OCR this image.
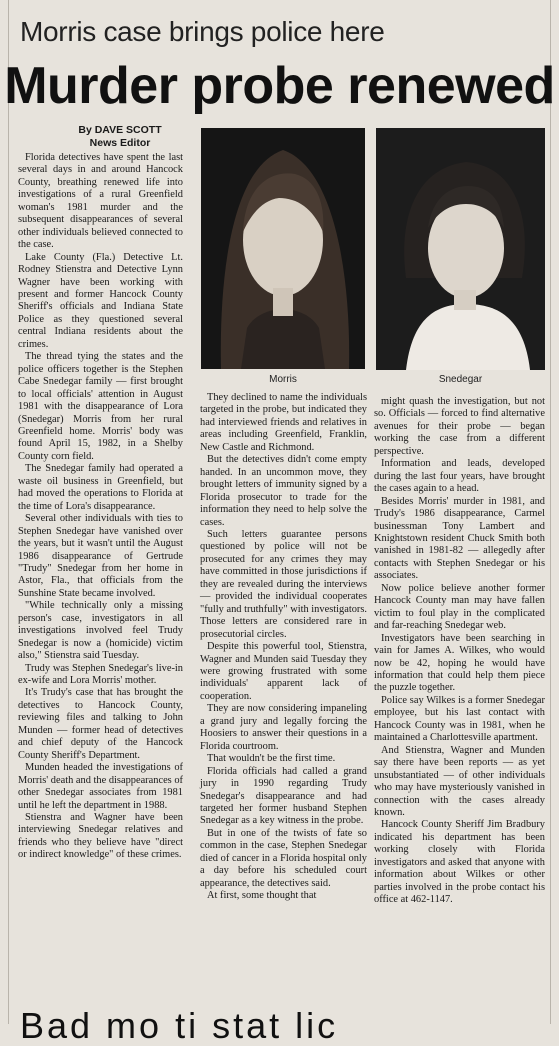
Morris case brings police here
Murder probe renewed
By DAVE SCOTT
News Editor

Florida detectives have spent the last several days in and around Hancock County, breathing renewed life into investigations of a rural Greenfield woman's 1981 murder and the subsequent disappearances of several other individuals believed connected to the case.

Lake County (Fla.) Detective Lt. Rodney Stienstra and Detective Lynn Wagner have been working with present and former Hancock County Sheriff's officials and Indiana State Police as they questioned several central Indiana residents about the crimes.

The thread tying the states and the police officers together is the Stephen Cabe Snedegar family — first brought to local officials' attention in August 1981 with the disappearance of Lora (Snedegar) Morris from her rural Greenfield home. Morris' body was found April 15, 1982, in a Shelby County corn field.

The Snedegar family had operated a waste oil business in Greenfield, but had moved the operations to Florida at the time of Lora's disappearance.

Several other individuals with ties to Stephen Snedegar have vanished over the years, but it wasn't until the August 1986 disappearance of Gertrude "Trudy" Snedegar from her home in Astor, Fla., that officials from the Sunshine State became involved.

"While technically only a missing person's case, investigators in all investigations involved feel Trudy Snedegar is now a (homicide) victim also," Stienstra said Tuesday.

Trudy was Stephen Snedegar's live-in ex-wife and Lora Morris' mother.

It's Trudy's case that has brought the detectives to Hancock County, reviewing files and talking to John Munden — former head of detectives and chief deputy of the Hancock County Sheriff's Department.

Munden headed the investigations of Morris' death and the disappearances of other Snedegar associates from 1981 until he left the department in 1988.

Stienstra and Wagner have been interviewing Snedegar relatives and friends who they believe have "direct or indirect knowledge" of these crimes.

Morris	Snedegar

They declined to name the individuals targeted in the probe, but indicated they had interviewed friends and relatives in areas including Greenfield, Franklin, New Castle and Richmond.

But the detectives didn't come empty handed. In an uncommon move, they brought letters of immunity signed by a Florida prosecutor to trade for the information they need to help solve the cases.

Such letters guarantee persons questioned by police will not be prosecuted for any crimes they may have committed in those jurisdictions if they are revealed during the interviews — provided the individual cooperates "fully and truthfully" with investigators. Those letters are considered rare in prosecutorial circles.

Despite this powerful tool, Stienstra, Wagner and Munden said Tuesday they were growing frustrated with some individuals' apparent lack of cooperation.

They are now considering impaneling a grand jury and legally forcing the Hoosiers to answer their questions in a Florida courtroom.

That wouldn't be the first time.

Florida officials had called a grand jury in 1990 regarding Trudy Snedegar's disappearance and had targeted her former husband Stephen Snedegar as a key witness in the probe.

But in one of the twists of fate so common in the case, Stephen Snedegar died of cancer in a Florida hospital only a day before his scheduled court appearance, the detectives said.

At first, some thought that

might quash the investigation, but not so. Officials — forced to find alternative avenues for their probe — began working the case from a different perspective.

Information and leads, developed during the last four years, have brought the cases again to a head.

Besides Morris' murder in 1981, and Trudy's 1986 disappearance, Carmel businessman Tony Lambert and Knightstown resident Chuck Smith both vanished in 1981-82 — allegedly after contacts with Stephen Snedegar or his associates.

Now police believe another former Hancock County man may have fallen victim to foul play in the complicated and far-reaching Snedegar web.

Investigators have been searching in vain for James A. Wilkes, who would now be 42, hoping he would have information that could help them piece the puzzle together.

Police say Wilkes is a former Snedegar employee, but his last contact with Hancock County was in 1981, when he maintained a Charlottesville apartment.

And Stienstra, Wagner and Munden say there have been reports — as yet unsubstantiated — of other individuals who may have mysteriously vanished in connection with the cases already known.

Hancock County Sheriff Jim Bradbury indicated his department has been working closely with Florida investigators and asked that anyone with information about Wilkes or other parties involved in the probe contact his office at 462-1147.

Bad mo ti stat lic
